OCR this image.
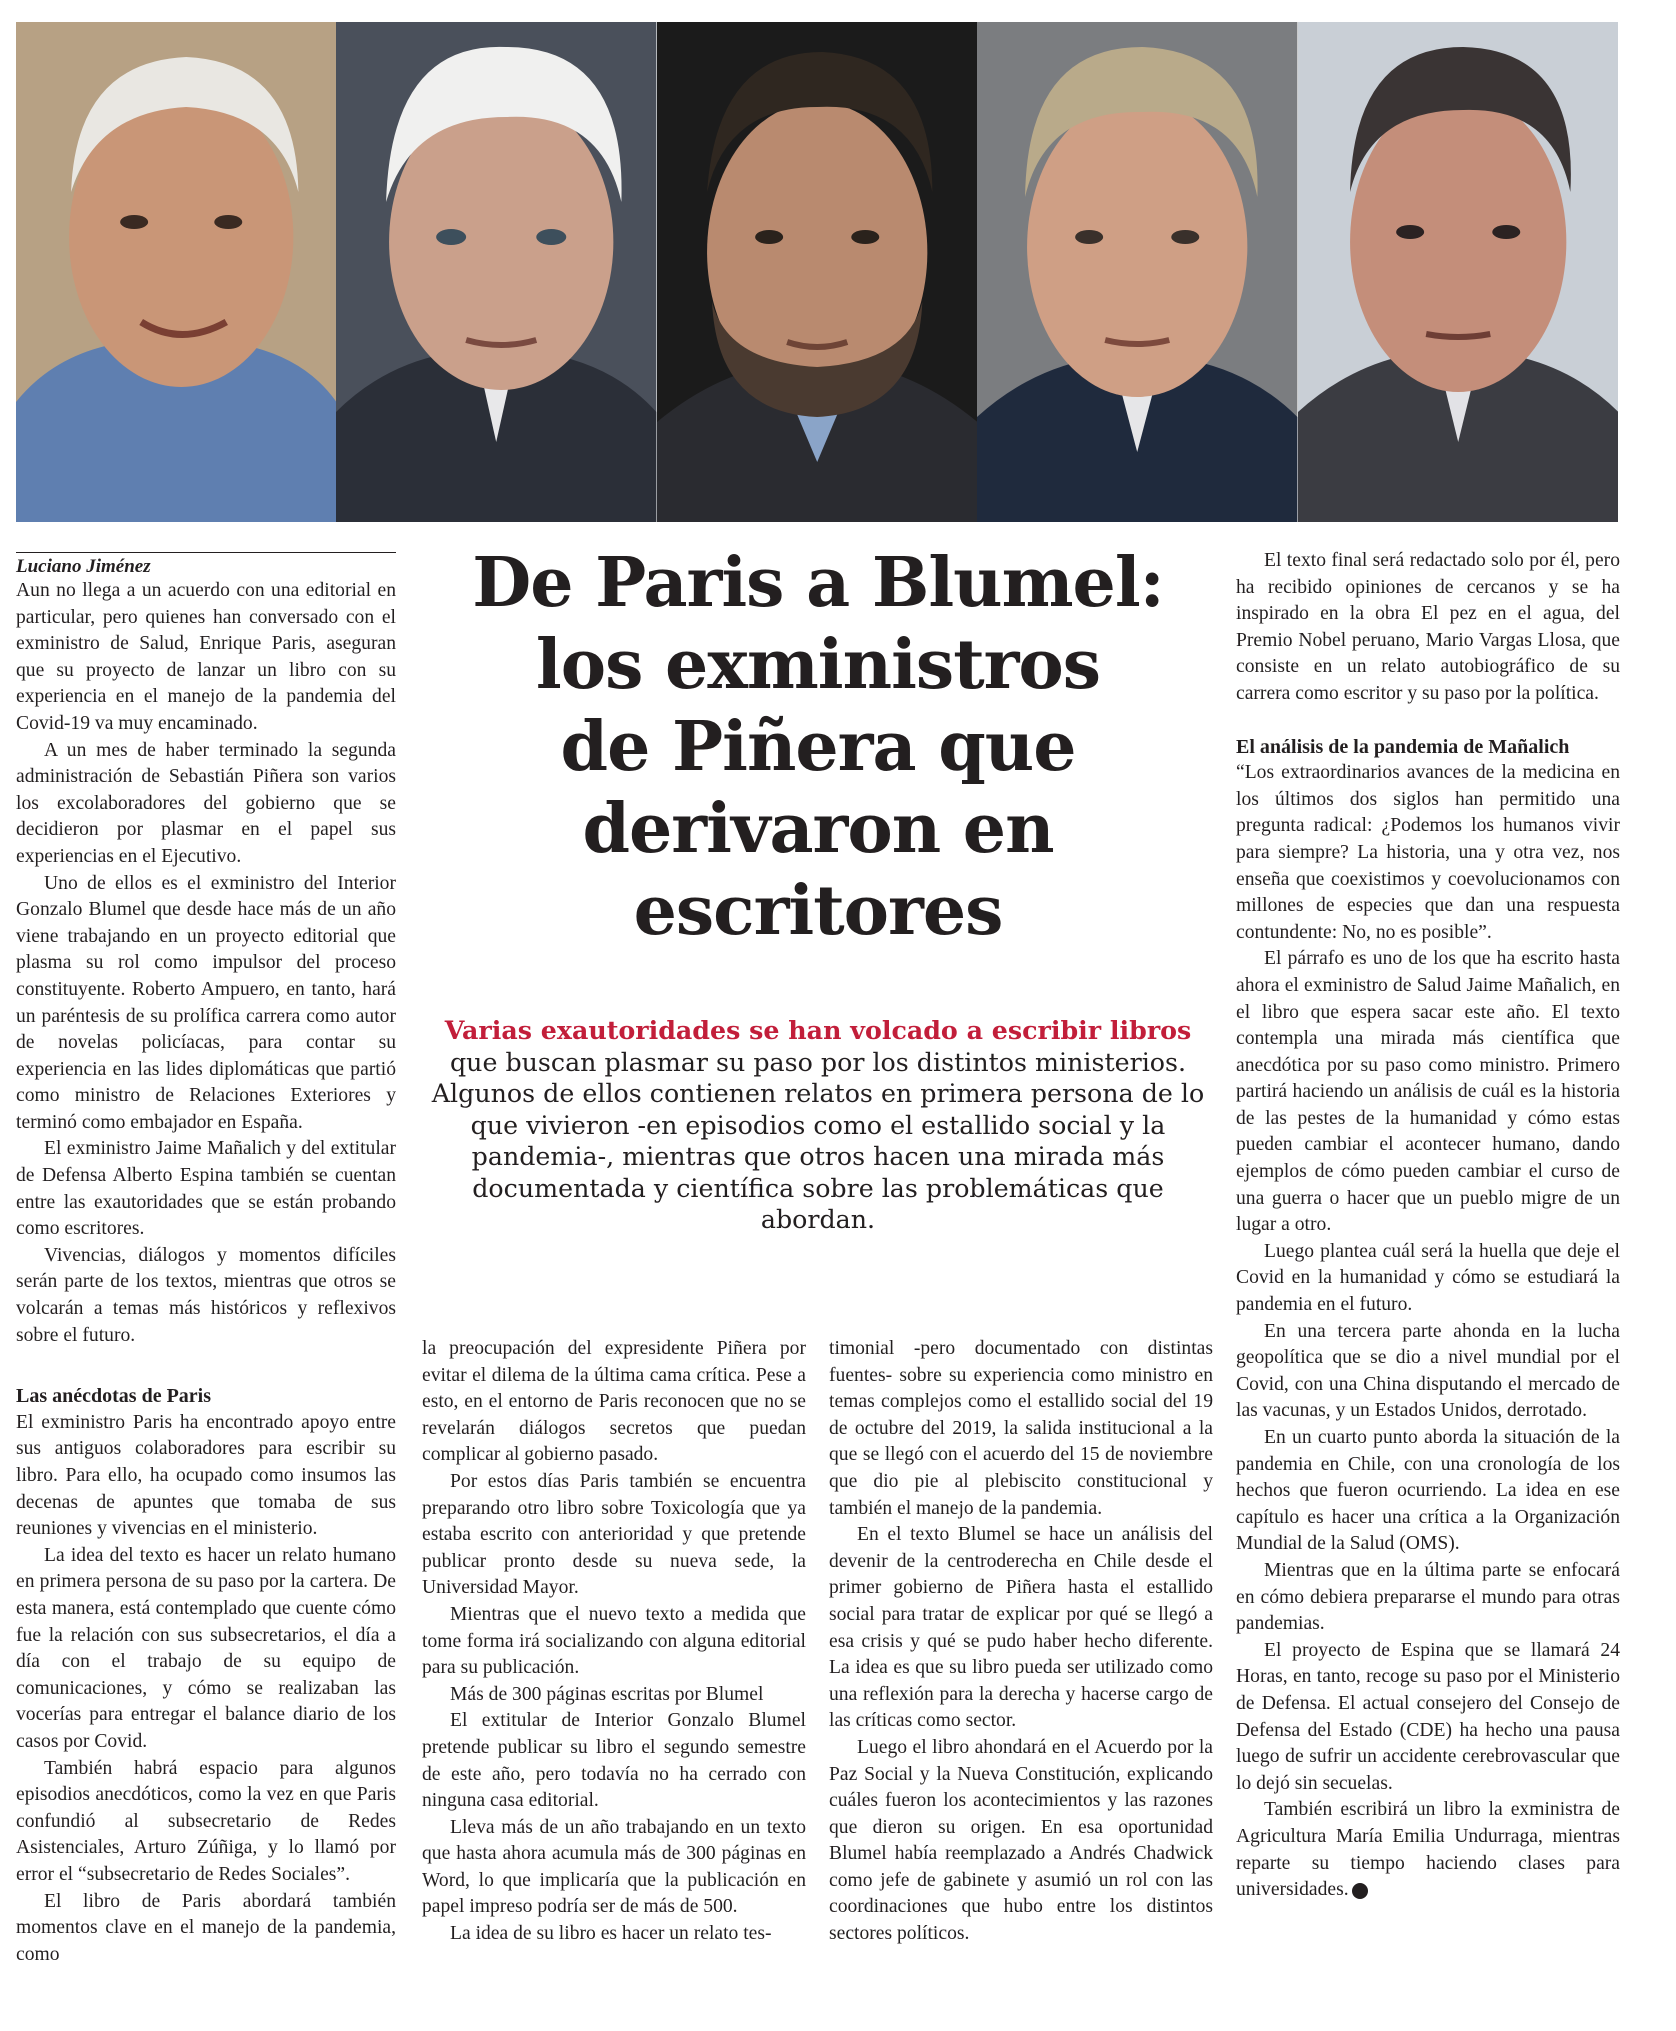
Luciano Jiménez

Aun no llega a un acuerdo con una editorial en particular, pero quienes han conversado con el exministro de Salud, Enrique Paris, aseguran que su proyecto de lanzar un libro con su experiencia en el manejo de la pandemia del Covid-19 va muy encaminado.

A un mes de haber terminado la segunda administración de Sebastián Piñera son varios los excolaboradores del gobierno que se decidieron por plasmar en el papel sus experiencias en el Ejecutivo.

Uno de ellos es el exministro del Interior Gonzalo Blumel que desde hace más de un año viene trabajando en un proyecto editorial que plasma su rol como impulsor del proceso constituyente. Roberto Ampuero, en tanto, hará un paréntesis de su prolífica carrera como autor de novelas policíacas, para contar su experiencia en las lides diplomáticas que partió como ministro de Relaciones Exteriores y terminó como embajador en España.

El exministro Jaime Mañalich y del extitular de Defensa Alberto Espina también se cuentan entre las exautoridades que se están probando como escritores.

Vivencias, diálogos y momentos difíciles serán parte de los textos, mientras que otros se volcarán a temas más históricos y reflexivos sobre el futuro.

Las anécdotas de Paris

El exministro Paris ha encontrado apoyo entre sus antiguos colaboradores para escribir su libro. Para ello, ha ocupado como insumos las decenas de apuntes que tomaba de sus reuniones y vivencias en el ministerio.

La idea del texto es hacer un relato humano en primera persona de su paso por la cartera. De esta manera, está contemplado que cuente cómo fue la relación con sus subsecretarios, el día a día con el trabajo de su equipo de comunicaciones, y cómo se realizaban las vocerías para entregar el balance diario de los casos por Covid.

También habrá espacio para algunos episodios anecdóticos, como la vez en que Paris confundió al subsecretario de Redes Asistenciales, Arturo Zúñiga, y lo llamó por error el “subsecretario de Redes Sociales”.

El libro de Paris abordará también momentos clave en el manejo de la pandemia, como

De Paris a Blumel:
los exministros
de Piñera que
derivaron en
escritores
Varias exautoridades se han volcado a escribir libros que buscan plasmar su paso por los distintos ministerios. Algunos de ellos contienen relatos en primera persona de lo que vivieron -en episodios como el estallido social y la pandemia-, mientras que otros hacen una mirada más documentada y científica sobre las problemáticas que abordan.

la preocupación del expresidente Piñera por evitar el dilema de la última cama crítica. Pese a esto, en el entorno de Paris reconocen que no se revelarán diálogos secretos que puedan complicar al gobierno pasado.

Por estos días Paris también se encuentra preparando otro libro sobre Toxicología que ya estaba escrito con anterioridad y que pretende publicar pronto desde su nueva sede, la Universidad Mayor.

Mientras que el nuevo texto a medida que tome forma irá socializando con alguna editorial para su publicación.

Más de 300 páginas escritas por Blumel

El extitular de Interior Gonzalo Blumel pretende publicar su libro el segundo semestre de este año, pero todavía no ha cerrado con ninguna casa editorial.

Lleva más de un año trabajando en un texto que hasta ahora acumula más de 300 páginas en Word, lo que implicaría que la publicación en papel impreso podría ser de más de 500.

La idea de su libro es hacer un relato tes-

timonial -pero documentado con distintas fuentes- sobre su experiencia como ministro en temas complejos como el estallido social del 19 de octubre del 2019, la salida institucional a la que se llegó con el acuerdo del 15 de noviembre que dio pie al plebiscito constitucional y también el manejo de la pandemia.

En el texto Blumel se hace un análisis del devenir de la centroderecha en Chile desde el primer gobierno de Piñera hasta el estallido social para tratar de explicar por qué se llegó a esa crisis y qué se pudo haber hecho diferente. La idea es que su libro pueda ser utilizado como una reflexión para la derecha y hacerse cargo de las críticas como sector.

Luego el libro ahondará en el Acuerdo por la Paz Social y la Nueva Constitución, explicando cuáles fueron los acontecimientos y las razones que dieron su origen. En esa oportunidad Blumel había reemplazado a Andrés Chadwick como jefe de gabinete y asumió un rol con las coordinaciones que hubo entre los distintos sectores políticos.

El texto final será redactado solo por él, pero ha recibido opiniones de cercanos y se ha inspirado en la obra El pez en el agua, del Premio Nobel peruano, Mario Vargas Llosa, que consiste en un relato autobiográfico de su carrera como escritor y su paso por la política.

El análisis de la pandemia de Mañalich

“Los extraordinarios avances de la medicina en los últimos dos siglos han permitido una pregunta radical: ¿Podemos los humanos vivir para siempre? La historia, una y otra vez, nos enseña que coexistimos y coevolucionamos con millones de especies que dan una respuesta contundente: No, no es posible”.

El párrafo es uno de los que ha escrito hasta ahora el exministro de Salud Jaime Mañalich, en el libro que espera sacar este año. El texto contempla una mirada más científica que anecdótica por su paso como ministro. Primero partirá haciendo un análisis de cuál es la historia de las pestes de la humanidad y cómo estas pueden cambiar el acontecer humano, dando ejemplos de cómo pueden cambiar el curso de una guerra o hacer que un pueblo migre de un lugar a otro.

Luego plantea cuál será la huella que deje el Covid en la humanidad y cómo se estudiará la pandemia en el futuro.

En una tercera parte ahonda en la lucha geopolítica que se dio a nivel mundial por el Covid, con una China disputando el mercado de las vacunas, y un Estados Unidos, derrotado.

En un cuarto punto aborda la situación de la pandemia en Chile, con una cronología de los hechos que fueron ocurriendo. La idea en ese capítulo es hacer una crítica a la Organización Mundial de la Salud (OMS).

Mientras que en la última parte se enfocará en cómo debiera prepararse el mundo para otras pandemias.

El proyecto de Espina que se llamará 24 Horas, en tanto, recoge su paso por el Ministerio de Defensa. El actual consejero del Consejo de Defensa del Estado (CDE) ha hecho una pausa luego de sufrir un accidente cerebrovascular que lo dejó sin secuelas.

También escribirá un libro la exministra de Agricultura María Emilia Undurraga, mientras reparte su tiempo haciendo clases para universidades.
